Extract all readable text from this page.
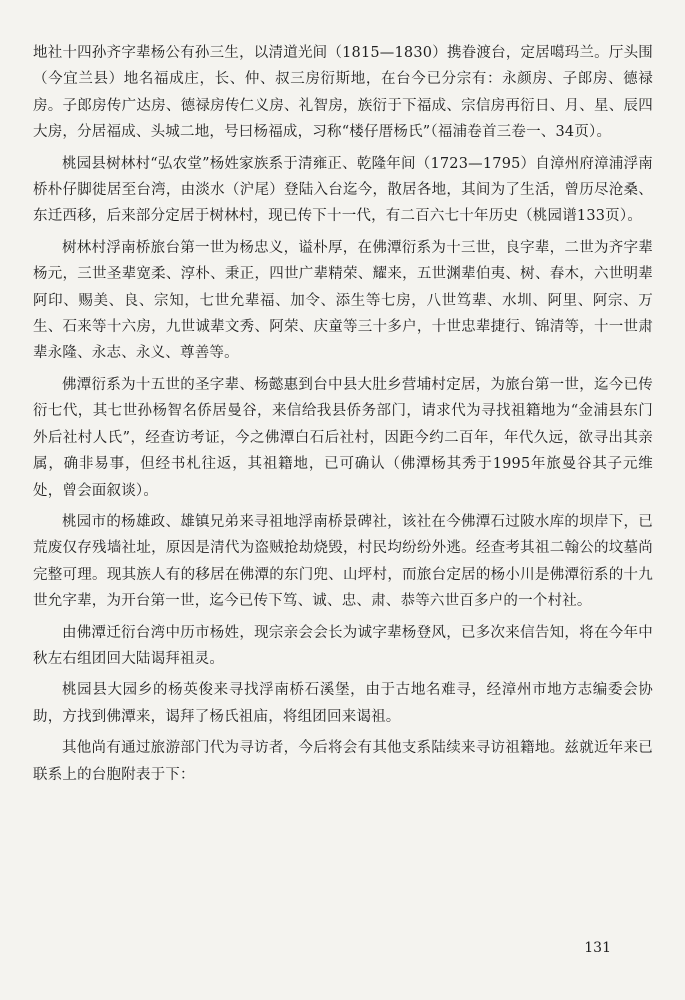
地社十四孙齐字辈杨公有孙三生，以清道光间（1815—1830）携眷渡台，定居噶玛兰。厅头围（今宜兰县）地名福成庄，长、仲、叔三房衍斯地，在台今已分宗有：永颜房、子郎房、德禄房。子郎房传广达房、德禄房传仁义房、礼智房，族衍于下福成、宗信房再衍日、月、星、辰四大房，分居福成、头城二地，号曰杨福成，习称“楼仔厝杨氏”（福浦卷首三卷一、34页）。

桃园县树林村“弘农堂”杨姓家族系于清雍正、乾隆年间（1723—1795）自漳州府漳浦浮南桥朴仔脚徙居至台湾，由淡水（沪尾）登陆入台迄今，散居各地，其间为了生活，曾历尽沧桑、东迁西移，后来部分定居于树林村，现已传下十一代，有二百六七十年历史（桃园谱133页）。

树林村浮南桥旅台第一世为杨忠义，谥朴厚，在佛潭衍系为十三世，良字辈，二世为齐字辈杨元，三世圣辈宽柔、淳朴、秉正，四世广辈精荣、耀来，五世渊辈伯夷、树、春木，六世明辈阿印、赐美、良、宗知，七世允辈福、加令、添生等七房，八世笃辈、水圳、阿里、阿宗、万生、石来等十六房，九世诚辈文秀、阿荣、庆童等三十多户，十世忠辈捷行、锦清等，十一世肃辈永隆、永志、永义、尊善等。

佛潭衍系为十五世的圣字辈、杨懿惠到台中县大肚乡营埔村定居，为旅台第一世，迄今已传衍七代，其七世孙杨智名侨居曼谷，来信给我县侨务部门，请求代为寻找祖籍地为“金浦县东门外后社村人氏”，经查访考证，今之佛潭白石后社村，因距今约二百年，年代久远，欲寻出其亲属，确非易事，但经书札往返，其祖籍地，已可确认（佛潭杨其秀于1995年旅曼谷其子元维处，曾会面叙谈）。

桃园市的杨雄政、雄镇兄弟来寻祖地浮南桥景碑社，该社在今佛潭石过陂水库的坝岸下，已荒废仅存残墙社址，原因是清代为盗贼抢劫烧毁，村民均纷纷外逃。经查考其祖二翰公的坟墓尚完整可理。现其族人有的移居在佛潭的东门兜、山坪村，而旅台定居的杨小川是佛潭衍系的十九世允字辈，为开台第一世，迄今已传下笃、诚、忠、肃、恭等六世百多户的一个村社。

由佛潭迁衍台湾中历市杨姓，现宗亲会会长为诚字辈杨登风，已多次来信告知，将在今年中秋左右组团回大陆谒拜祖灵。

桃园县大园乡的杨英俊来寻找浮南桥石溪堡，由于古地名难寻，经漳州市地方志编委会协助，方找到佛潭来，谒拜了杨氏祖庙，将组团回来谒祖。

其他尚有通过旅游部门代为寻访者，今后将会有其他支系陆续来寻访祖籍地。兹就近年来已联系上的台胞附表于下：

131
